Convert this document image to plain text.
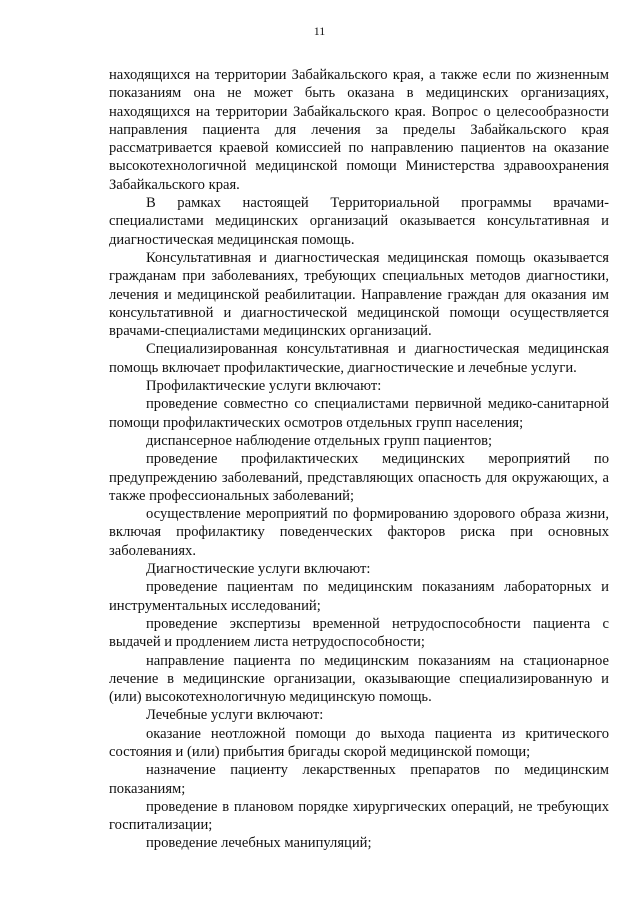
11

находящихся на территории Забайкальского края, а также если по жизненным показаниям она не может быть оказана в медицинских организациях, находящихся на территории Забайкальского края. Вопрос о целесообразности направления пациента для лечения за пределы Забайкальского края рассматривается краевой комиссией по направлению пациентов на оказание высокотехнологичной медицинской помощи Министерства здравоохранения Забайкальского края.

В рамках настоящей Территориальной программы врачами-специалистами медицинских организаций оказывается консультативная и диагностическая медицинская помощь.

Консультативная и диагностическая медицинская помощь оказывается гражданам при заболеваниях, требующих специальных методов диагностики, лечения и медицинской реабилитации. Направление граждан для оказания им консультативной и диагностической медицинской помощи осуществляется врачами-специалистами медицинских организаций.

Специализированная консультативная и диагностическая медицинская помощь включает профилактические, диагностические и лечебные услуги.

Профилактические услуги включают:

проведение совместно со специалистами первичной медико-санитарной помощи профилактических осмотров отдельных групп населения;

диспансерное наблюдение отдельных групп пациентов;

проведение профилактических медицинских мероприятий по предупреждению заболеваний, представляющих опасность для окружающих, а также профессиональных заболеваний;

осуществление мероприятий по формированию здорового образа жизни, включая профилактику поведенческих факторов риска при основных заболеваниях.

Диагностические услуги включают:

проведение пациентам по медицинским показаниям лабораторных и инструментальных исследований;

проведение экспертизы временной нетрудоспособности пациента с выдачей и продлением листа нетрудоспособности;

направление пациента по медицинским показаниям на стационарное лечение в медицинские организации, оказывающие специализированную и (или) высокотехнологичную медицинскую помощь.

Лечебные услуги включают:

оказание неотложной помощи до выхода пациента из критического состояния и (или) прибытия бригады скорой медицинской помощи;

назначение пациенту лекарственных препаратов по медицинским показаниям;

проведение в плановом порядке хирургических операций, не требующих госпитализации;

проведение лечебных манипуляций;
